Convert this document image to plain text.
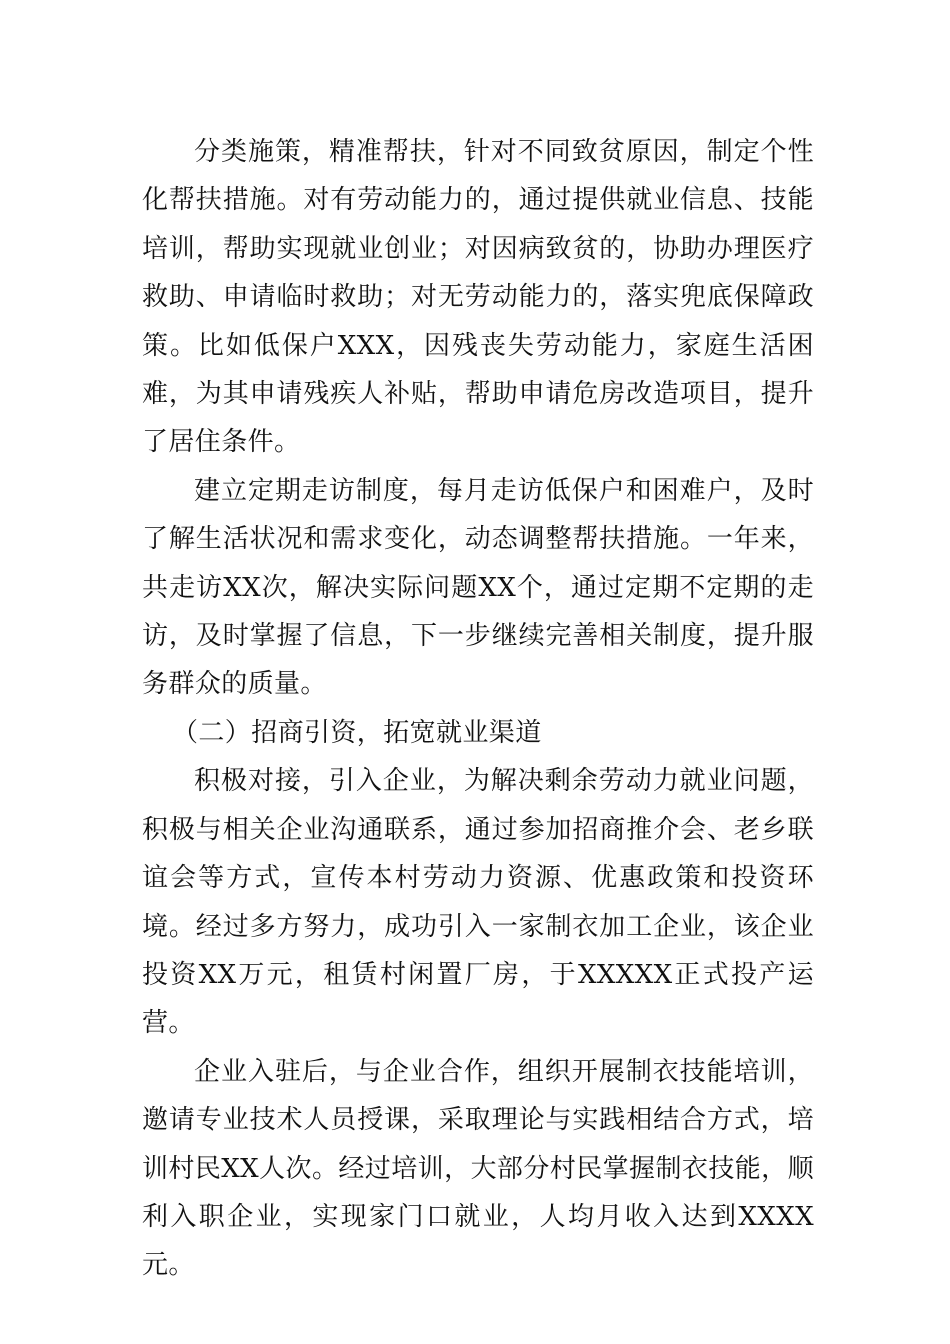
分类施策，精准帮扶，针对不同致贫原因，制定个性化帮扶措施。对有劳动能力的，通过提供就业信息、技能培训，帮助实现就业创业；对因病致贫的，协助办理医疗救助、申请临时救助；对无劳动能力的，落实兜底保障政策。比如低保户XXX，因残丧失劳动能力，家庭生活困难，为其申请残疾人补贴，帮助申请危房改造项目，提升了居住条件。

建立定期走访制度，每月走访低保户和困难户，及时了解生活状况和需求变化，动态调整帮扶措施。一年来，共走访XX次，解决实际问题XX个，通过定期不定期的走访，及时掌握了信息，下一步继续完善相关制度，提升服务群众的质量。

（二）招商引资，拓宽就业渠道

积极对接，引入企业，为解决剩余劳动力就业问题，积极与相关企业沟通联系，通过参加招商推介会、老乡联谊会等方式，宣传本村劳动力资源、优惠政策和投资环境。经过多方努力，成功引入一家制衣加工企业，该企业投资XX万元，租赁村闲置厂房，于XXXXX正式投产运营。

企业入驻后，与企业合作，组织开展制衣技能培训，邀请专业技术人员授课，采取理论与实践相结合方式，培训村民XX人次。经过培训，大部分村民掌握制衣技能，顺利入职企业，实现家门口就业，人均月收入达到XXXX元。
